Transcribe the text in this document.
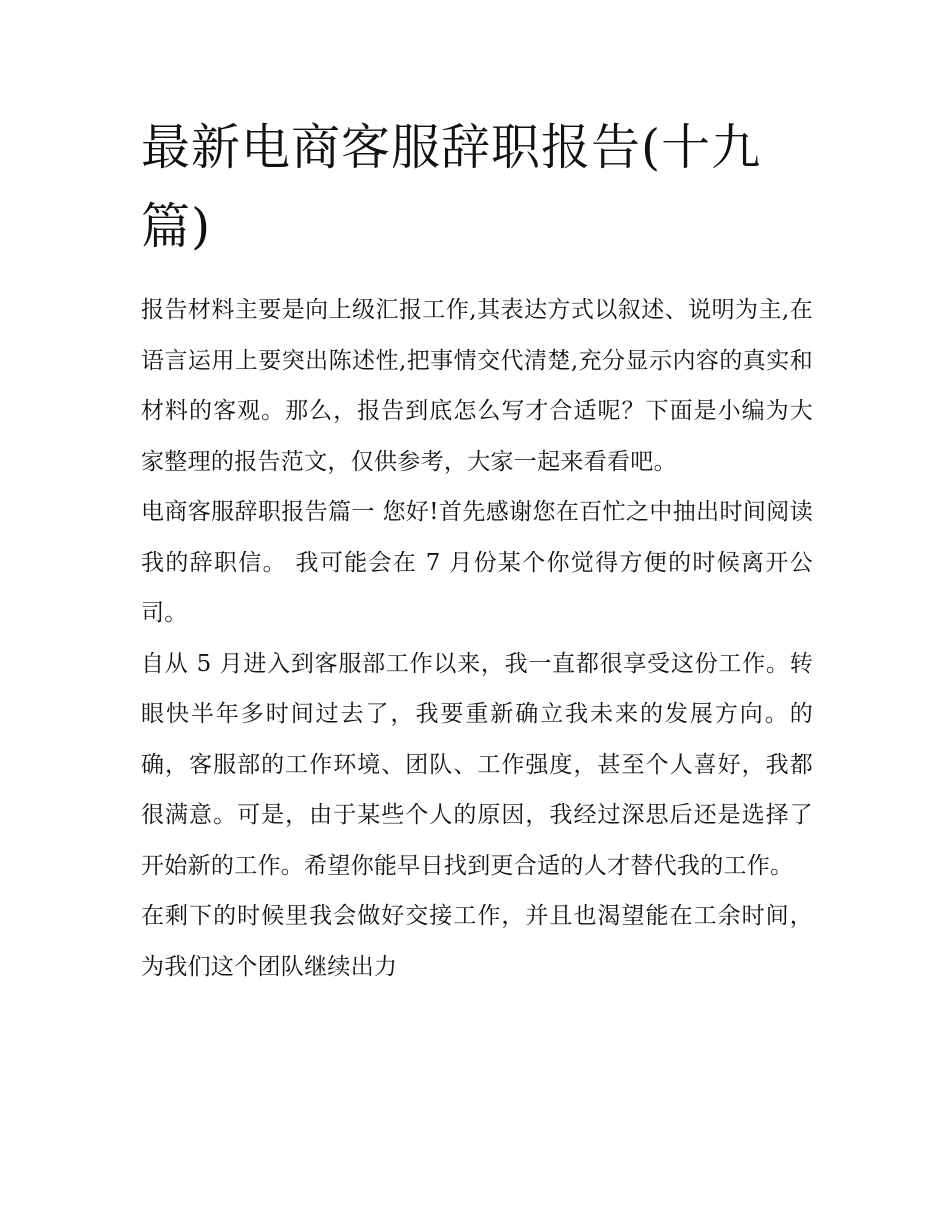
最新电商客服辞职报告(十九篇)

报告材料主要是向上级汇报工作,其表达方式以叙述、说明为主,在语言运用上要突出陈述性,把事情交代清楚,充分显示内容的真实和材料的客观。那么，报告到底怎么写才合适呢？下面是小编为大家整理的报告范文，仅供参考，大家一起来看看吧。

电商客服辞职报告篇一 您好!首先感谢您在百忙之中抽出时间阅读我的辞职信。 我可能会在 7 月份某个你觉得方便的时候离开公司。

自从 5 月进入到客服部工作以来，我一直都很享受这份工作。转眼快半年多时间过去了，我要重新确立我未来的发展方向。的确，客服部的工作环境、团队、工作强度，甚至个人喜好，我都很满意。可是，由于某些个人的原因，我经过深思后还是选择了开始新的工作。希望你能早日找到更合适的人才替代我的工作。

在剩下的时候里我会做好交接工作，并且也渴望能在工余时间，为我们这个团队继续出力
